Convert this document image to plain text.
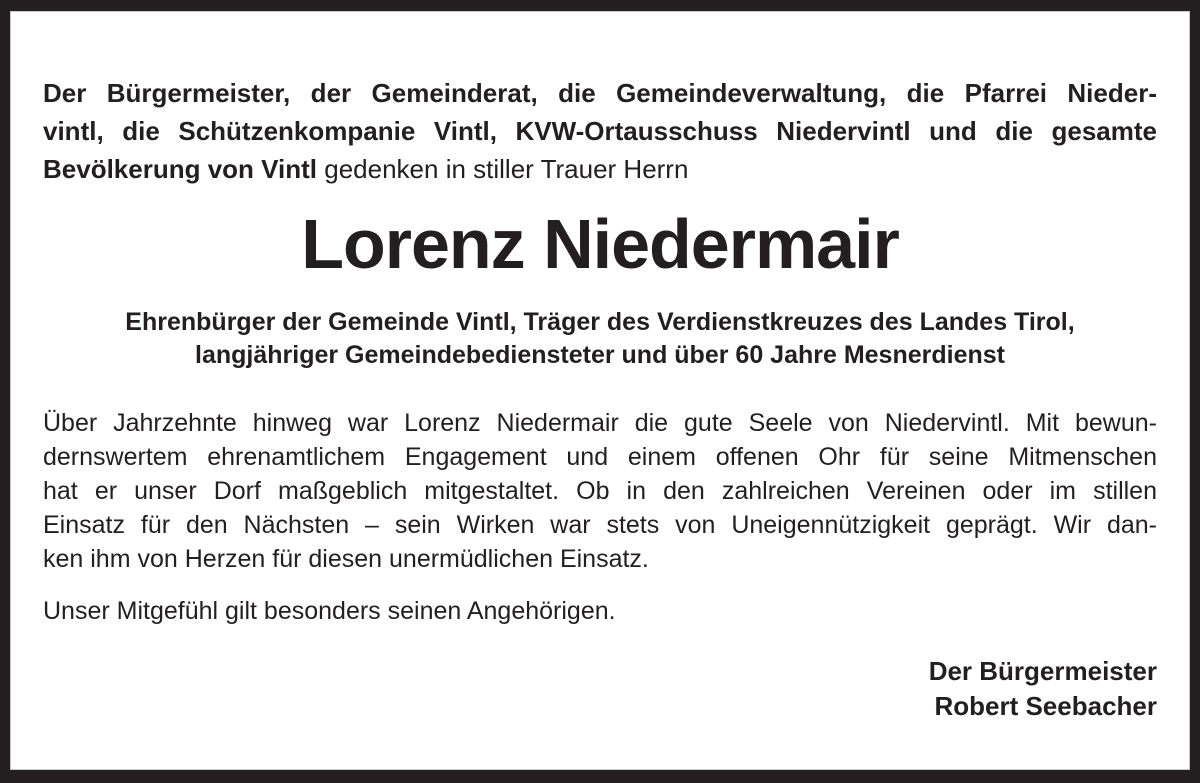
Der Bürgermeister, der Gemeinderat, die Gemeindeverwaltung, die Pfarrei Nieder-
vintl, die Schützenkompanie Vintl, KVW-Ortausschuss Niedervintl und die gesamte
Bevölkerung von Vintl gedenken in stiller Trauer Herrn

Lorenz Niedermair

Ehrenbürger der Gemeinde Vintl, Träger des Verdienstkreuzes des Landes Tirol,
langjähriger Gemeindebediensteter und über 60 Jahre Mesnerdienst

Über Jahrzehnte hinweg war Lorenz Niedermair die gute Seele von Niedervintl. Mit bewun-
dernswertem ehrenamtlichem Engagement und einem offenen Ohr für seine Mitmenschen
hat er unser Dorf maßgeblich mitgestaltet. Ob in den zahlreichen Vereinen oder im stillen
Einsatz für den Nächsten – sein Wirken war stets von Uneigennützigkeit geprägt. Wir dan-
ken ihm von Herzen für diesen unermüdlichen Einsatz.

Unser Mitgefühl gilt besonders seinen Angehörigen.

Der Bürgermeister
Robert Seebacher
